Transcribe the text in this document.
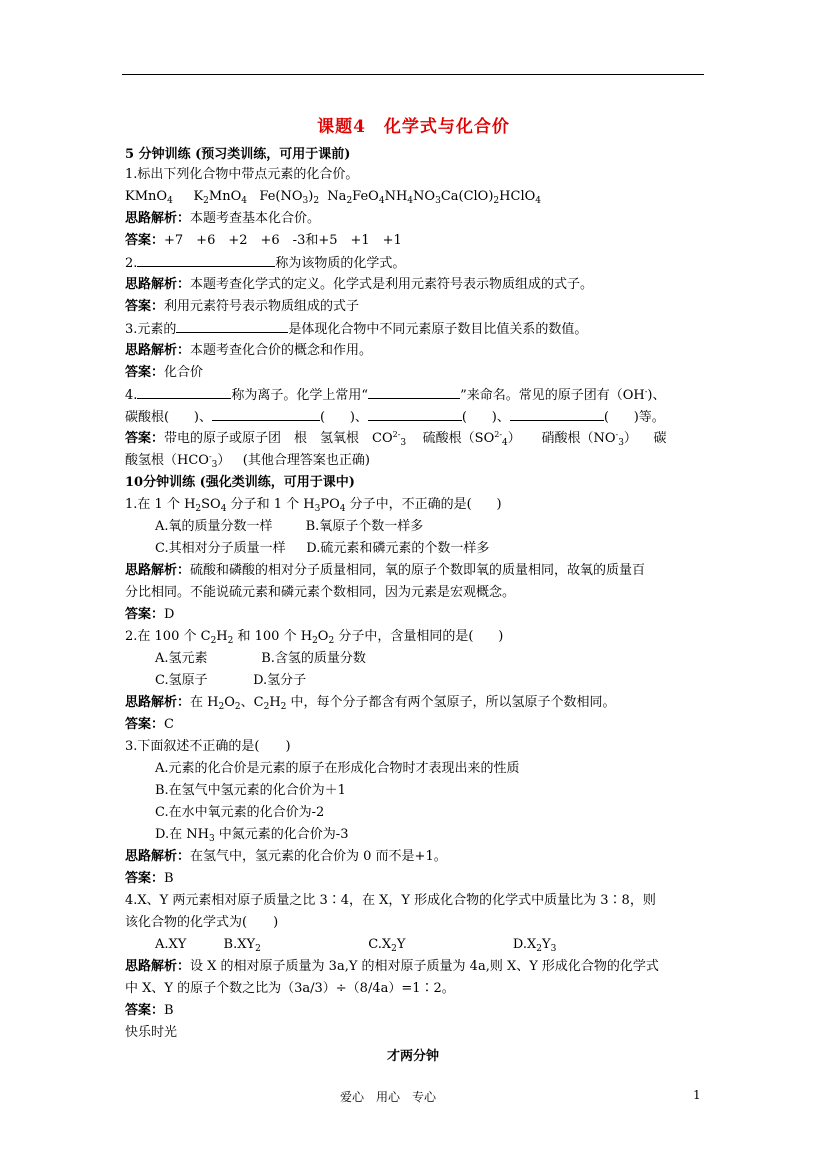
课题4　化学式与化合价
5 分钟训练 (预习类训练，可用于课前)
1.标出下列化合物中带点元素的化合价。
KMnO$_4$     $K_2MnO_4$   $Fe(NO_3)_2$  $Na_2FeO_4NH_4NO_3Ca(ClO)_2HClO_4$
思路解析：本题考查基本化合价。
答案：+7　+6　+2　+6　-3和+5　+1　+1
2.	称为该物质的化学式。
思路解析：本题考查化学式的定义。化学式是利用元素符号表示物质组成的式子。
答案：利用元素符号表示物质组成的式子
3.元素的	是体现化合物中不同元素原子数目比值关系的数值。
思路解析：本题考查化合价的概念和作用。
答案：化合价
4.	称为离子。化学上常用“	”来命名。常见的原子团有（OH-)、
碳酸根(      )、	(      )、	(      )、	(      )等。
答案：带电的原子或原子团　根　氢氧根　$CO^{2-}_3$    硫酸根$(SO^{2-}_4)$     硝酸根$(NO^-_3)$    碳
酸氢根$(HCO^-_3)$   (其他合理答案也正确)
10分钟训练 (强化类训练，可用于课中)
1.在 1 个 $H_2SO_4$ 分子和 1 个 $H_3PO_4$ 分子中，不正确的是(      )
A.氧的质量分数一样        B.氧原子个数一样多
C.其相对分子质量一样     D.硫元素和磷元素的个数一样多
思路解析：硫酸和磷酸的相对分子质量相同，氧的原子个数即氧的质量相同，故氧的质量百
分比相同。不能说硫元素和磷元素个数相同，因为元素是宏观概念。
答案：D
2.在 100 个 $C_2H_2$ 和 100 个 $H_2O_2$ 分子中，含量相同的是(      )
A.氢元素             B.含氢的质量分数
C.氢原子           D.氢分子
思路解析：在 $H_2O_2$、$C_2H_2$ 中，每个分子都含有两个氢原子，所以氢原子个数相同。
答案：C
3.下面叙述不正确的是(　　)
A.元素的化合价是元素的原子在形成化合物时才表现出来的性质
B.在氢气中氢元素的化合价为＋1
C.在水中氧元素的化合价为-2
D.在 $NH_3$ 中氮元素的化合价为-3
思路解析：在氢气中，氢元素的化合价为 0 而不是+1。
答案：B
4.X、Y 两元素相对原子质量之比 3∶4，在 X，Y 形成化合物的化学式中质量比为 3∶8，则
该化合物的化学式为(　　)
A.XY         $B.XY_2$                          $C.X_2Y$                          $D.X_2Y_3$
思路解析：设 X 的相对原子质量为 3a,Y 的相对原子质量为 4a,则 X、Y 形成化合物的化学式
中 X、Y 的原子个数之比为（3a/3）÷（8/4a）=1∶2。
答案：B
快乐时光
才两分钟
爱心　用心　专心	1
